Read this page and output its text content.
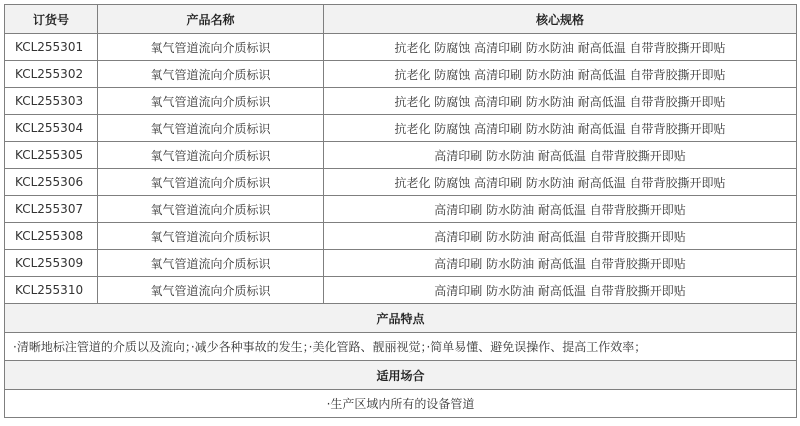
订货号	产品名称	核心规格
KCL255301	氧气管道流向介质标识	抗老化 防腐蚀 高清印刷 防水防油 耐高低温 自带背胶撕开即贴
KCL255302	氧气管道流向介质标识	抗老化 防腐蚀 高清印刷 防水防油 耐高低温 自带背胶撕开即贴
KCL255303	氧气管道流向介质标识	抗老化 防腐蚀 高清印刷 防水防油 耐高低温 自带背胶撕开即贴
KCL255304	氧气管道流向介质标识	抗老化 防腐蚀 高清印刷 防水防油 耐高低温 自带背胶撕开即贴
KCL255305	氧气管道流向介质标识	高清印刷 防水防油 耐高低温 自带背胶撕开即贴
KCL255306	氧气管道流向介质标识	抗老化 防腐蚀 高清印刷 防水防油 耐高低温 自带背胶撕开即贴
KCL255307	氧气管道流向介质标识	高清印刷 防水防油 耐高低温 自带背胶撕开即贴
KCL255308	氧气管道流向介质标识	高清印刷 防水防油 耐高低温 自带背胶撕开即贴
KCL255309	氧气管道流向介质标识	高清印刷 防水防油 耐高低温 自带背胶撕开即贴
KCL255310	氧气管道流向介质标识	高清印刷 防水防油 耐高低温 自带背胶撕开即贴
产品特点		
·清晰地标注管道的介质以及流向；·减少各种事故的发生；·美化管路、靓丽视觉；·简单易懂、避免误操作、提高工作效率；		
适用场合		
·生产区域内所有的设备管道		
